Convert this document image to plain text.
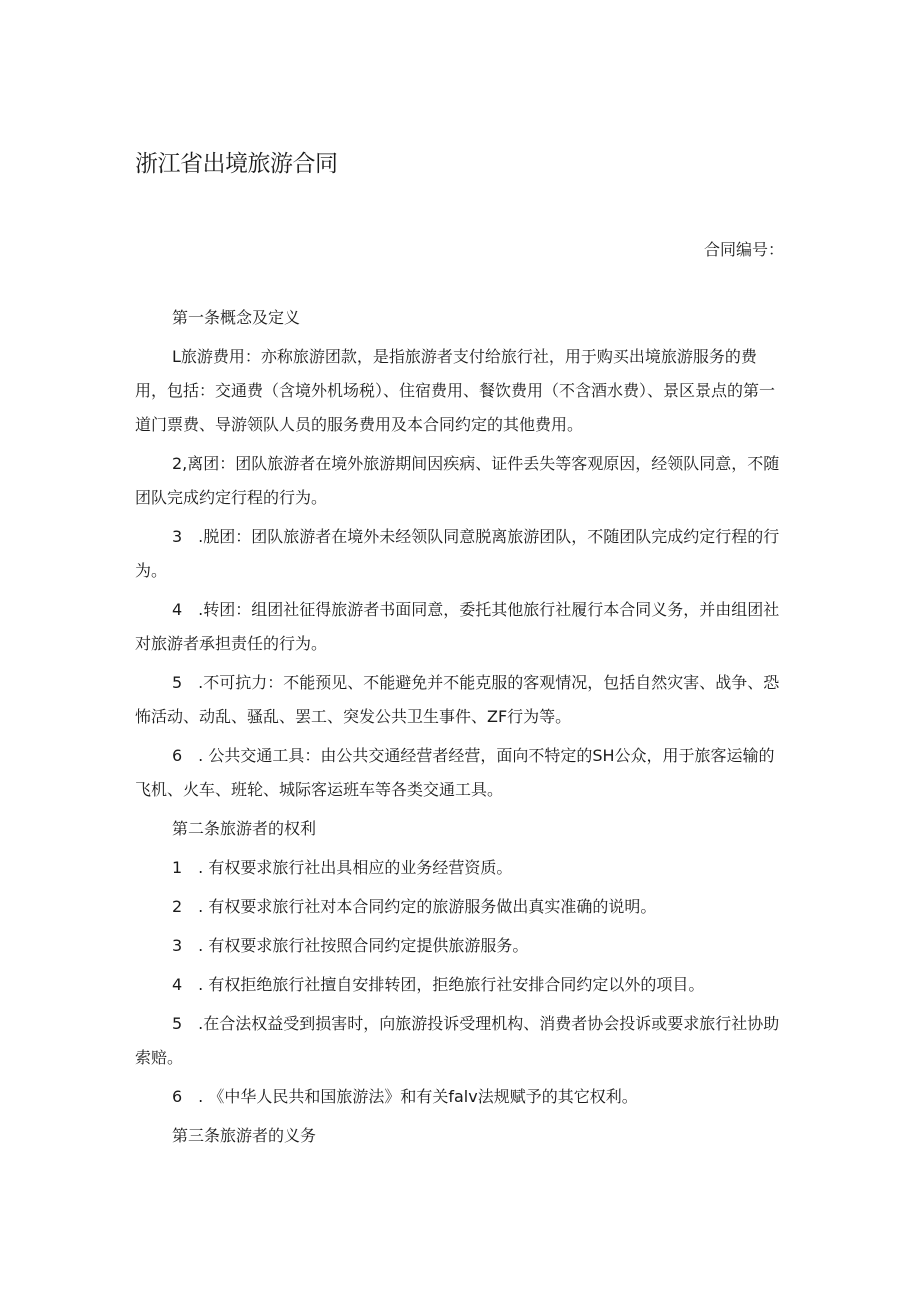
浙江省出境旅游合同
合同编号：

第一条概念及定义

L旅游费用：亦称旅游团款，是指旅游者支付给旅行社，用于购买出境旅游服务的费用，包括：交通费（含境外机场税）、住宿费用、餐饮费用（不含酒水费）、景区景点的第一道门票费、导游领队人员的服务费用及本合同约定的其他费用。

2,离团：团队旅游者在境外旅游期间因疾病、证件丢失等客观原因，经领队同意，不随团队完成约定行程的行为。

3　.脱团：团队旅游者在境外未经领队同意脱离旅游团队，不随团队完成约定行程的行为。

4　.转团：组团社征得旅游者书面同意，委托其他旅行社履行本合同义务，并由组团社对旅游者承担责任的行为。

5　.不可抗力：不能预见、不能避免并不能克服的客观情况，包括自然灾害、战争、恐怖活动、动乱、骚乱、罢工、突发公共卫生事件、ZF行为等。

6　. 公共交通工具：由公共交通经营者经营，面向不特定的SH公众，用于旅客运输的飞机、火车、班轮、城际客运班车等各类交通工具。

第二条旅游者的权利

1　. 有权要求旅行社出具相应的业务经营资质。

2　. 有权要求旅行社对本合同约定的旅游服务做出真实准确的说明。

3　. 有权要求旅行社按照合同约定提供旅游服务。

4　. 有权拒绝旅行社擅自安排转团，拒绝旅行社安排合同约定以外的项目。

5　.在合法权益受到损害时，向旅游投诉受理机构、消费者协会投诉或要求旅行社协助索赔。

6　. 《中华人民共和国旅游法》和有关falv法规赋予的其它权利。

第三条旅游者的义务
